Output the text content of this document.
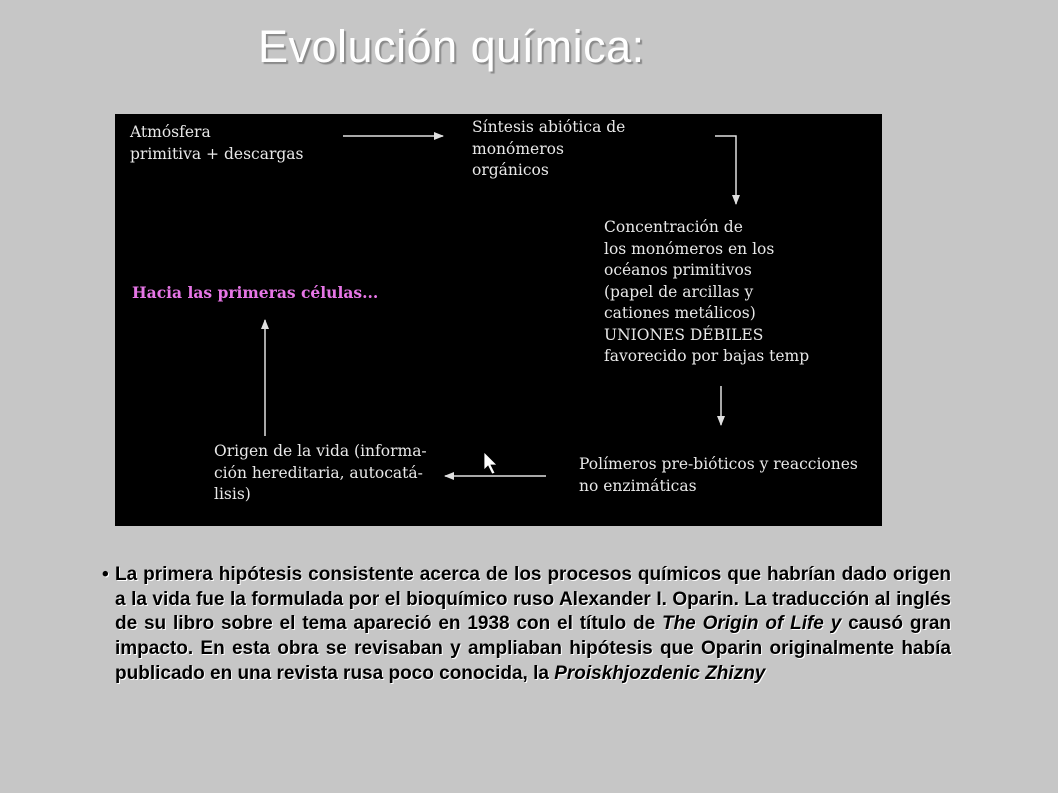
Evolución química:
Atmósfera
primitiva + descargas
Síntesis abiótica de
monómeros
orgánicos
Concentración de
los monómeros en los
océanos primitivos
(papel de arcillas y
cationes metálicos)
UNIONES DÉBILES
favorecido por bajas temp
Hacia las primeras células...
Polímeros pre-bióticos y reacciones
no enzimáticas
Origen de la vida (informa-
ción hereditaria, autocatá-
lisis)
• La primera hipótesis consistente acerca de los procesos químicos que habrían dado origen a la vida fue la formulada por el bioquímico ruso Alexander I. Oparin. La traducción al inglés de su libro sobre el tema apareció en 1938 con el título de The Origin of Life y causó gran impacto. En esta obra se revisaban y ampliaban hipótesis que Oparin originalmente había publicado en una revista rusa poco conocida, la Proiskhjozdenic Zhizny
